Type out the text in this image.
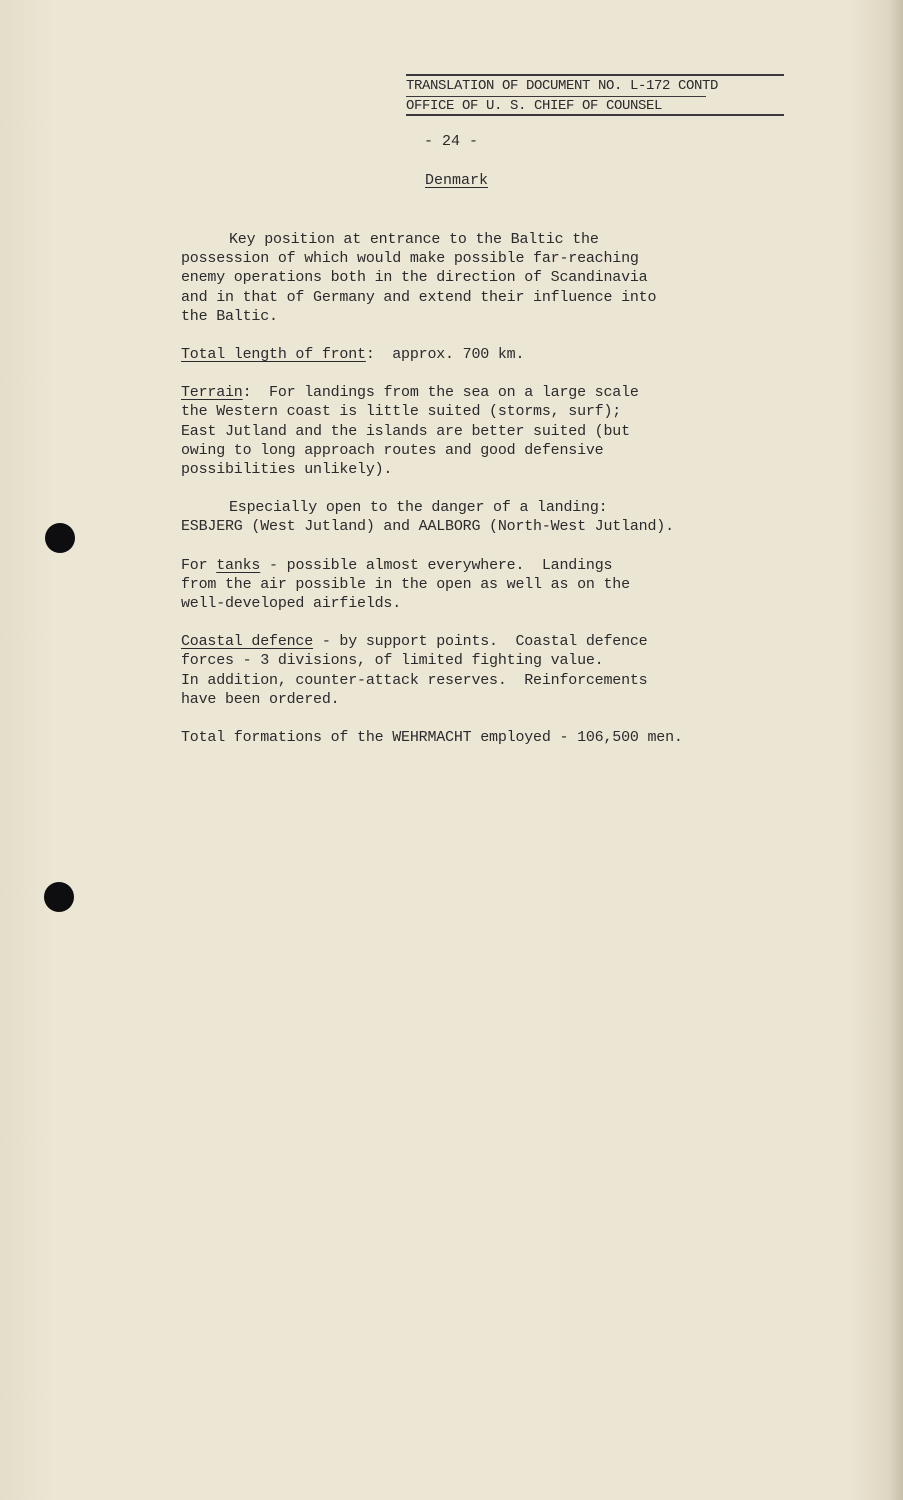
TRANSLATION OF DOCUMENT NO. L-172 CONTD
OFFICE OF U. S. CHIEF OF COUNSEL
- 24 -
Denmark
Key position at entrance to the Baltic the
possession of which would make possible far-reaching
enemy operations both in the direction of Scandinavia
and in that of Germany and extend their influence into
the Baltic.
Total length of front:  approx. 700 km.
Terrain:  For landings from the sea on a large scale
the Western coast is little suited (storms, surf);
East Jutland and the islands are better suited (but
owing to long approach routes and good defensive
possibilities unlikely).
Especially open to the danger of a landing:
ESBJERG (West Jutland) and AALBORG (North-West Jutland).
For tanks - possible almost everywhere.  Landings
from the air possible in the open as well as on the
well-developed airfields.
Coastal defence - by support points.  Coastal defence
forces - 3 divisions, of limited fighting value.
In addition, counter-attack reserves.  Reinforcements
have been ordered.
Total formations of the WEHRMACHT employed - 106,500 men.
